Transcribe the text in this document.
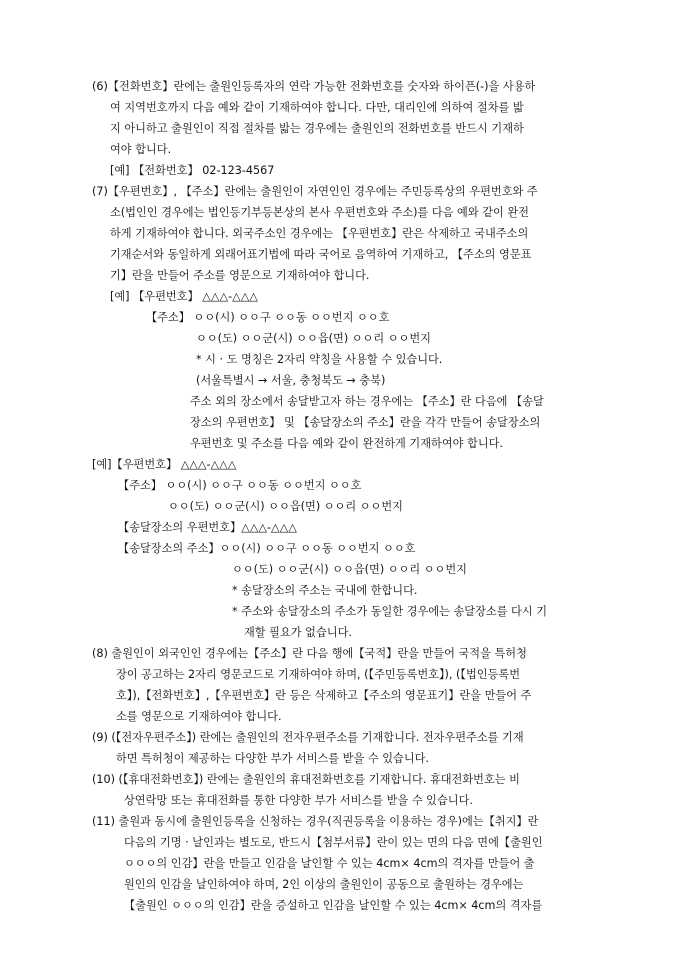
(6)【전화번호】란에는 출원인등록자의 연락 가능한 전화번호를 숫자와 하이픈(-)을 사용하
여 지역번호까지 다음 예와 같이 기재하여야 합니다. 다만, 대리인에 의하여 절차를 밟
지 아니하고 출원인이 직접 절차를 밟는 경우에는 출원인의 전화번호를 반드시 기재하
여야 합니다.
[예] 【전화번호】 02-123-4567
(7)【우편번호】, 【주소】란에는 출원인이 자연인인 경우에는 주민등록상의 우편번호와 주
소(법인인 경우에는 법인등기부등본상의 본사 우편번호와 주소)를 다음 예와 같이 완전
하게 기재하여야 합니다. 외국주소인 경우에는 【우편번호】란은 삭제하고 국내주소의
기재순서와 동일하게 외래어표기법에 따라 국어로 음역하여 기재하고, 【주소의 영문표
기】란을 만들어 주소를 영문으로 기재하여야 합니다.
[예] 【우편번호】 △△△-△△△
【주소】 ㅇㅇ(시) ㅇㅇ구 ㅇㅇ동 ㅇㅇ번지 ㅇㅇ호
ㅇㅇ(도) ㅇㅇ군(시) ㅇㅇ읍(면) ㅇㅇ리 ㅇㅇ번지
* 시 · 도 명칭은 2자리 약칭을 사용할 수 있습니다.
(서울특별시 → 서울, 충청북도 → 충북)
주소 외의 장소에서 송달받고자 하는 경우에는 【주소】란 다음에 【송달
장소의 우편번호】 및 【송달장소의 주소】란을 각각 만들어 송달장소의
우편번호 및 주소를 다음 예와 같이 완전하게 기재하여야 합니다.
[예]【우편번호】 △△△-△△△
【주소】 ㅇㅇ(시) ㅇㅇ구 ㅇㅇ동 ㅇㅇ번지 ㅇㅇ호
ㅇㅇ(도) ㅇㅇ군(시) ㅇㅇ읍(면) ㅇㅇ리 ㅇㅇ번지
【송달장소의 우편번호】△△△-△△△
【송달장소의 주소】ㅇㅇ(시) ㅇㅇ구 ㅇㅇ동 ㅇㅇ번지 ㅇㅇ호
ㅇㅇ(도) ㅇㅇ군(시) ㅇㅇ읍(면) ㅇㅇ리 ㅇㅇ번지
* 송달장소의 주소는 국내에 한합니다.
* 주소와 송달장소의 주소가 동일한 경우에는 송달장소를 다시 기
재할 필요가 없습니다.
(8) 출원인이 외국인인 경우에는【주소】란 다음 행에【국적】란을 만들어 국적을 특허청
장이 공고하는 2자리 영문코드로 기재하여야 하며, (【주민등록번호】), (【법인등록번
호】),【전화번호】,【우편번호】란 등은 삭제하고【주소의 영문표기】란을 만들어 주
소를 영문으로 기재하여야 합니다.
(9) (【전자우편주소】) 란에는 출원인의 전자우편주소를 기재합니다. 전자우편주소를 기재
하면 특허청이 제공하는 다양한 부가 서비스를 받을 수 있습니다.
(10) (【휴대전화번호】) 란에는 출원인의 휴대전화번호를 기재합니다. 휴대전화번호는 비
상연락망 또는 휴대전화를 통한 다양한 부가 서비스를 받을 수 있습니다.
(11) 출원과 동시에 출원인등록을 신청하는 경우(직권등록을 이용하는 경우)에는【취지】란
다음의 기명 · 날인과는 별도로, 반드시【첨부서류】란이 있는 면의 다음 면에【출원인
ㅇㅇㅇ의 인감】란을 만들고 인감을 날인할 수 있는 4cm× 4cm의 격자를 만들어 출
원인의 인감을 날인하여야 하며, 2인 이상의 출원인이 공동으로 출원하는 경우에는
【출원인 ㅇㅇㅇ의 인감】란을 증설하고 인감을 날인할 수 있는 4cm× 4cm의 격자를
